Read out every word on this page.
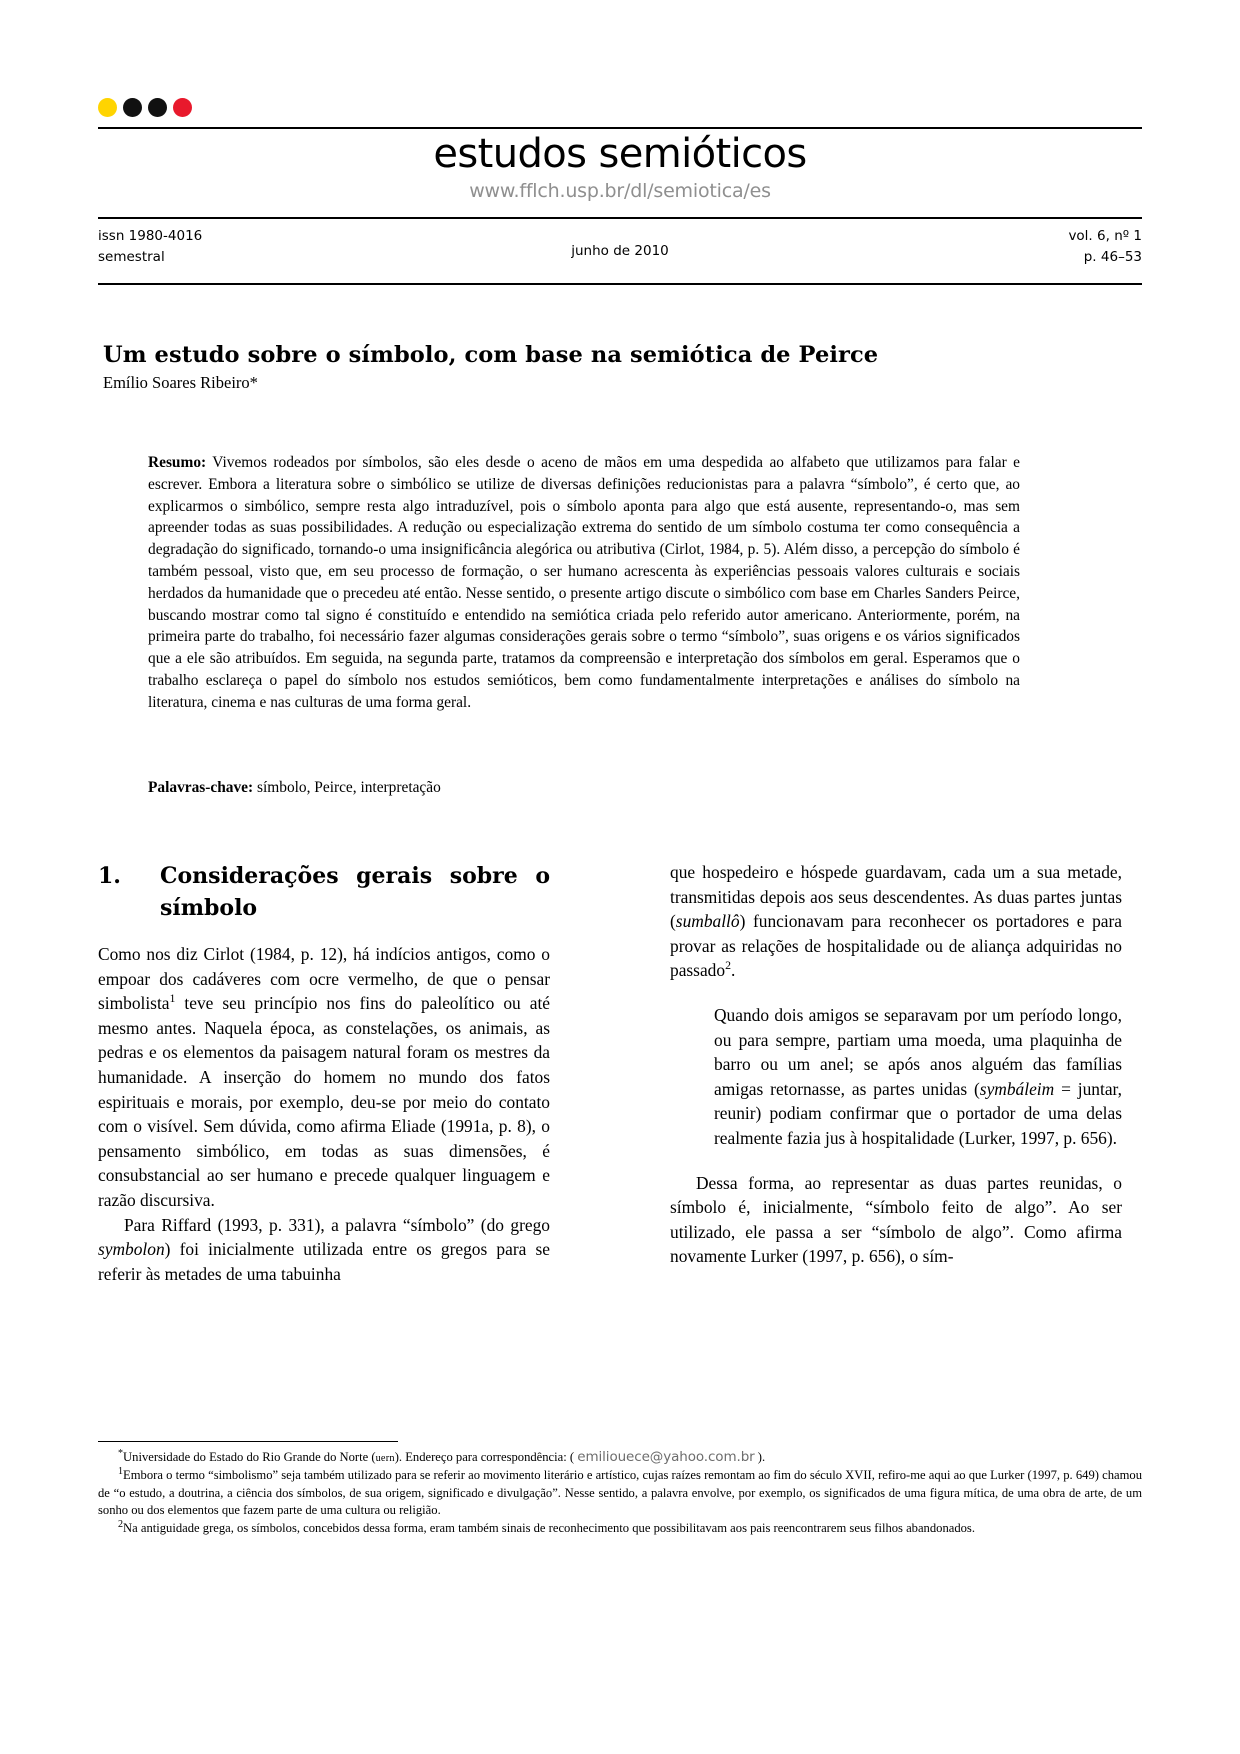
estudos semióticos
www.fflch.usp.br/dl/semiotica/es
issn 1980-4016
semestral	junho de 2010
vol. 6, nº 1
p. 46–53
Um estudo sobre o símbolo, com base na semiótica de Peirce
Emílio Soares Ribeiro*
Resumo: Vivemos rodeados por símbolos, são eles desde o aceno de mãos em uma despedida ao alfabeto que utilizamos para falar e escrever. Embora a literatura sobre o simbólico se utilize de diversas definições reducionistas para a palavra “símbolo”, é certo que, ao explicarmos o simbólico, sempre resta algo intraduzível, pois o símbolo aponta para algo que está ausente, representando-o, mas sem apreender todas as suas possibilidades. A redução ou especialização extrema do sentido de um símbolo costuma ter como consequência a degradação do significado, tornando-o uma insignificância alegórica ou atributiva (Cirlot, 1984, p. 5). Além disso, a percepção do símbolo é também pessoal, visto que, em seu processo de formação, o ser humano acrescenta às experiências pessoais valores culturais e sociais herdados da humanidade que o precedeu até então. Nesse sentido, o presente artigo discute o simbólico com base em Charles Sanders Peirce, buscando mostrar como tal signo é constituído e entendido na semiótica criada pelo referido autor americano. Anteriormente, porém, na primeira parte do trabalho, foi necessário fazer algumas considerações gerais sobre o termo “símbolo”, suas origens e os vários significados que a ele são atribuídos. Em seguida, na segunda parte, tratamos da compreensão e interpretação dos símbolos em geral. Esperamos que o trabalho esclareça o papel do símbolo nos estudos semióticos, bem como fundamentalmente interpretações e análises do símbolo na literatura, cinema e nas culturas de uma forma geral.
Palavras-chave: símbolo, Peirce, interpretação
1.	Considerações gerais sobre o símbolo

Como nos diz Cirlot (1984, p. 12), há indícios antigos, como o empoar dos cadáveres com ocre vermelho, de que o pensar simbolista$^1$ teve seu princípio nos fins do paleolítico ou até mesmo antes. Naquela época, as constelações, os animais, as pedras e os elementos da paisagem natural foram os mestres da humanidade. A inserção do homem no mundo dos fatos espirituais e morais, por exemplo, deu-se por meio do contato com o visível. Sem dúvida, como afirma Eliade (1991a, p. 8), o pensamento simbólico, em todas as suas dimensões, é consubstancial ao ser humano e precede qualquer linguagem e razão discursiva.

Para Riffard (1993, p. 331), a palavra “símbolo” (do grego symbolon) foi inicialmente utilizada entre os gregos para se referir às metades de uma tabuinha

que hospedeiro e hóspede guardavam, cada um a sua metade, transmitidas depois aos seus descendentes. As duas partes juntas (sumballô) funcionavam para reconhecer os portadores e para provar as relações de hospitalidade ou de aliança adquiridas no passado$^2$.

Quando dois amigos se separavam por um período longo, ou para sempre, partiam uma moeda, uma plaquinha de barro ou um anel; se após anos alguém das famílias amigas retornasse, as partes unidas (symbáleim = juntar, reunir) podiam confirmar que o portador de uma delas realmente fazia jus à hospitalidade (Lurker, 1997, p. 656).

Dessa forma, ao representar as duas partes reunidas, o símbolo é, inicialmente, “símbolo feito de algo”. Ao ser utilizado, ele passa a ser “símbolo de algo”. Como afirma novamente Lurker (1997, p. 656), o sím-

*Universidade do Estado do Rio Grande do Norte (uern). Endereço para correspondência: ( emiliouece@yahoo.com.br ).

$^1$Embora o termo “simbolismo” seja também utilizado para se referir ao movimento literário e artístico, cujas raízes remontam ao fim do século XVII, refiro-me aqui ao que Lurker (1997, p. 649) chamou de “o estudo, a doutrina, a ciência dos símbolos, de sua origem, significado e divulgação”. Nesse sentido, a palavra envolve, por exemplo, os significados de uma figura mítica, de uma obra de arte, de um sonho ou dos elementos que fazem parte de uma cultura ou religião.

$^2$Na antiguidade grega, os símbolos, concebidos dessa forma, eram também sinais de reconhecimento que possibilitavam aos pais reencontrarem seus filhos abandonados.
